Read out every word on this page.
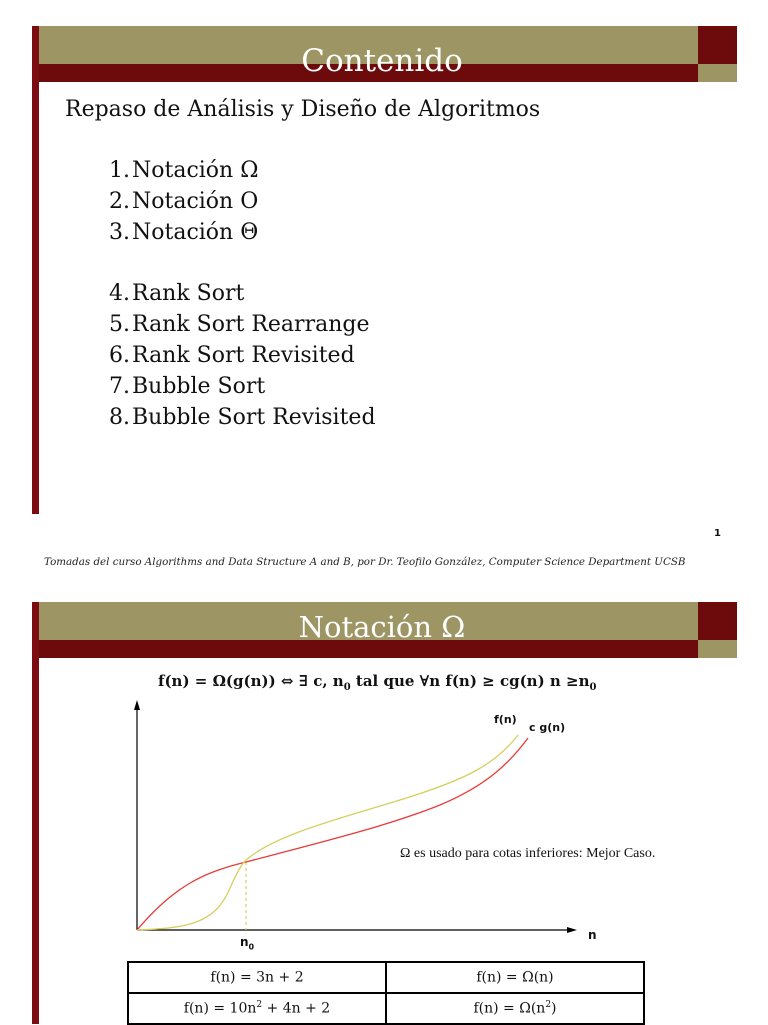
Contenido
Repaso de Análisis y Diseño de Algoritmos
1.Notación Ω
2.Notación O
3.Notación Θ
4.Rank Sort
5.Rank Sort Rearrange
6.Rank Sort Revisited
7.Bubble Sort
8.Bubble Sort Revisited
1
Tomadas del curso Algorithms and Data Structure A and B, por Dr. Teofilo González, Computer Science Department UCSB
Notación Ω
f(n) = Ω(g(n)) ⇔ ∃ c, $n_0$ tal que ∀n f(n) ≥ cg(n) $n \ge n_0$
f(n)
c g(n)
n
$n_0$
Ω es usado para cotas inferiores: Mejor Caso.
f(n) = 3n + 2	f(n) = Ω(n)
$f(n) = 10n^2 + 4n + 2$	$f(n) = \Omega(n^2)$
